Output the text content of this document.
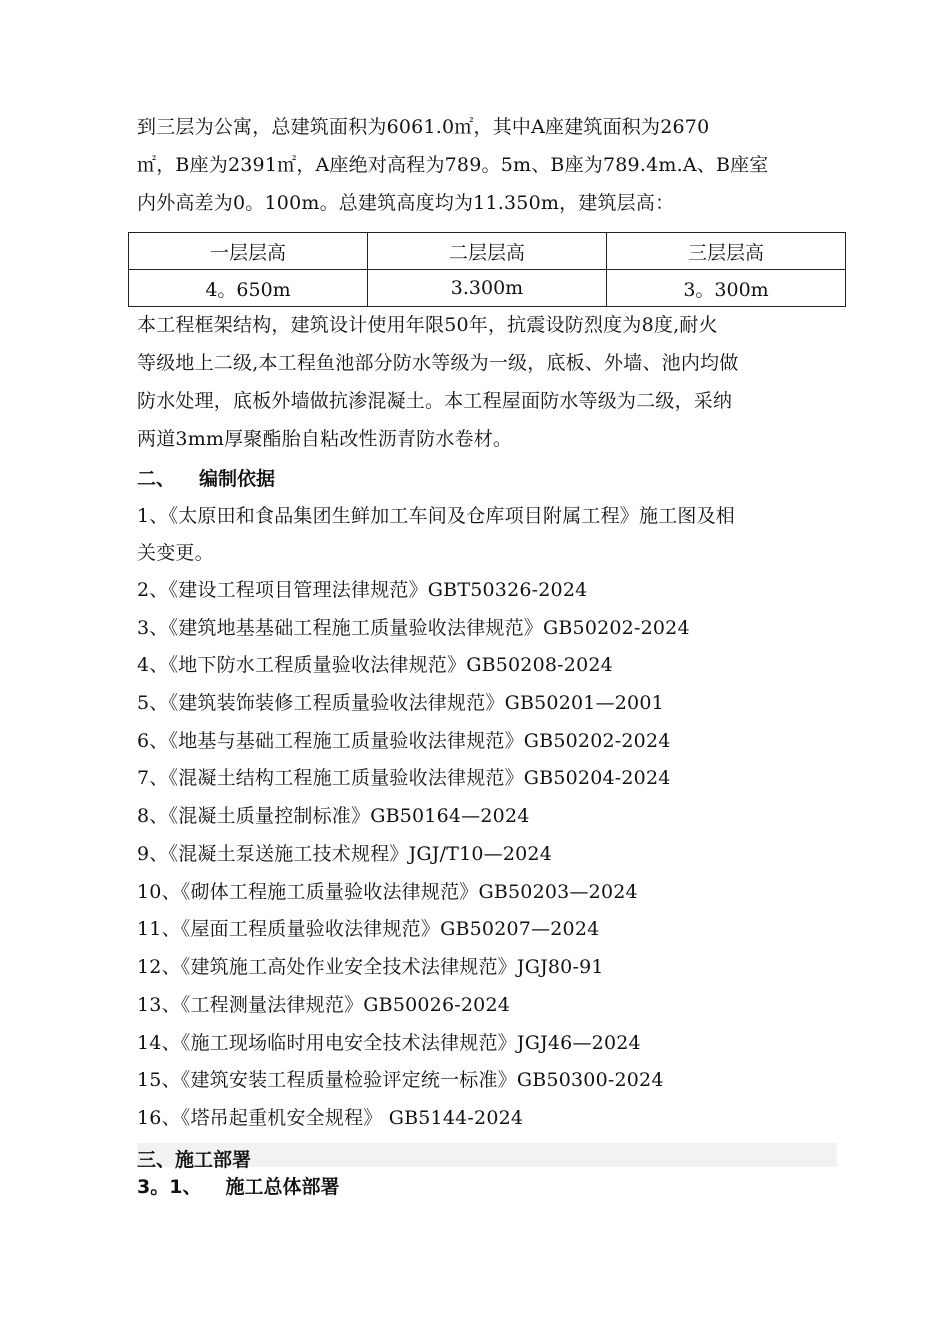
到三层为公寓，总建筑面积为6061.0㎡，其中A座建筑面积为2670
㎡，B座为2391㎡，A座绝对高程为789。5m、B座为789.4m.A、B座室
内外高差为0。100m。总建筑高度均为11.350m，建筑层高：
一层层高	二层层高	三层层高
4。650m	3.300m	3。300m
本工程框架结构，建筑设计使用年限50年，抗震设防烈度为8度,耐火
等级地上二级,本工程鱼池部分防水等级为一级，底板、外墙、池内均做
防水处理，底板外墙做抗渗混凝土。本工程屋面防水等级为二级，采纳
两道3mm厚聚酯胎自粘改性沥青防水卷材。
二、 编制依据
1、《太原田和食品集团生鲜加工车间及仓库项目附属工程》施工图及相
关变更。
2、《建设工程项目管理法律规范》GBT50326-2024
3、《建筑地基基础工程施工质量验收法律规范》GB50202-2024
4、《地下防水工程质量验收法律规范》GB50208-2024
5、《建筑装饰装修工程质量验收法律规范》GB50201—2001
6、《地基与基础工程施工质量验收法律规范》GB50202-2024
7、《混凝土结构工程施工质量验收法律规范》GB50204-2024
8、《混凝土质量控制标准》GB50164—2024
9、《混凝土泵送施工技术规程》JGJ/T10—2024
10、《砌体工程施工质量验收法律规范》GB50203—2024
11、《屋面工程质量验收法律规范》GB50207—2024
12、《建筑施工高处作业安全技术法律规范》JGJ80-91
13、《工程测量法律规范》GB50026-2024
14、《施工现场临时用电安全技术法律规范》JGJ46—2024
15、《建筑安装工程质量检验评定统一标准》GB50300-2024
16、《塔吊起重机安全规程》 GB5144-2024
三、施工部署
3。1、 施工总体部署
